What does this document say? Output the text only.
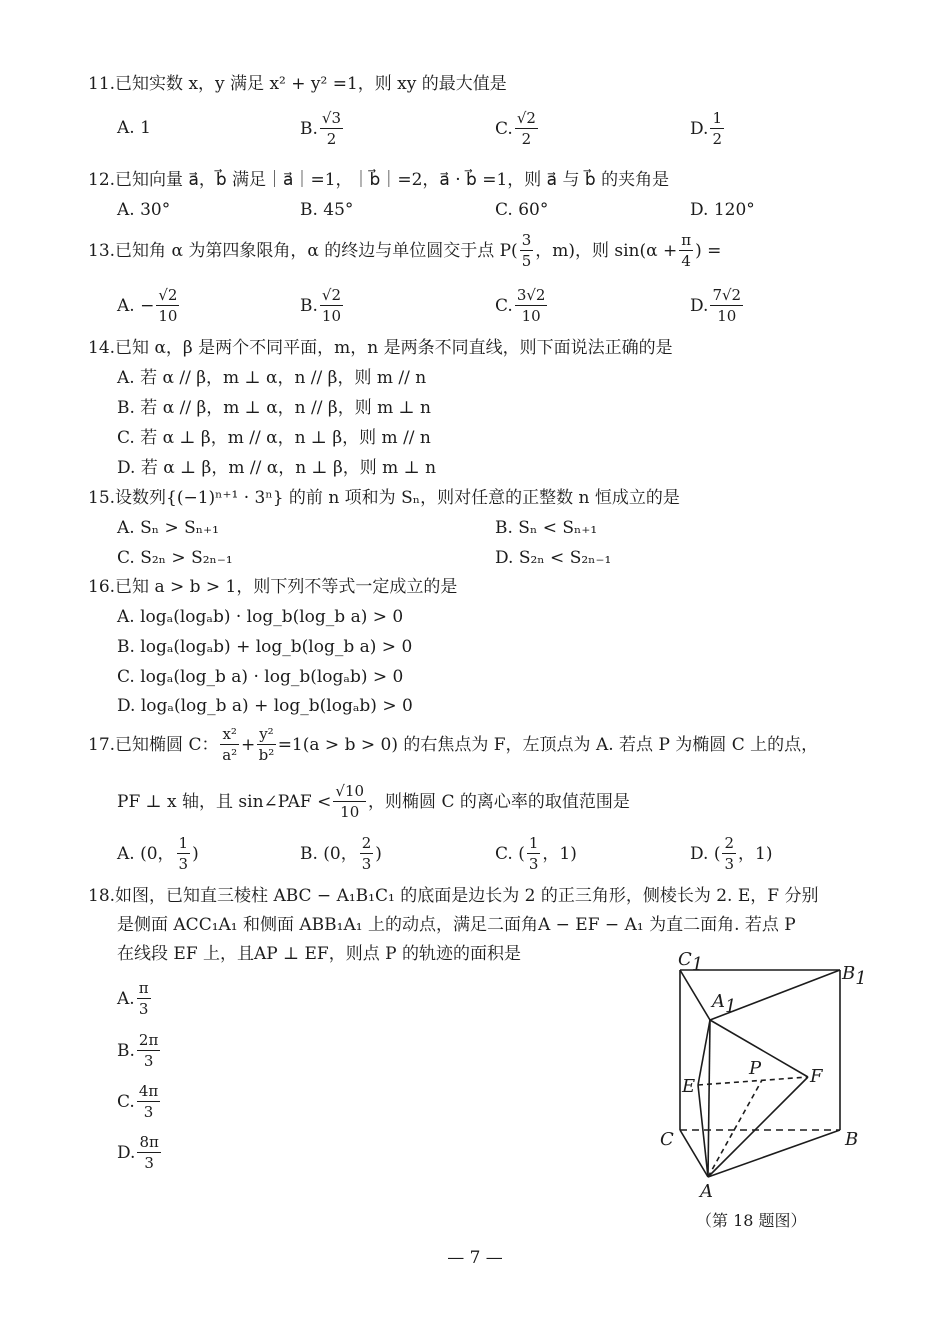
11.已知实数 x，y 满足 x² + y² =1，则 xy 的最大值是
A. 1	B. $\frac{√3}{2}$	C. $\frac{√2}{2}$	D. $\frac{1}{2}$
12.已知向量 a⃗，b⃗ 满足｜a⃗｜=1，｜b⃗｜=2，a⃗ · b⃗ =1，则 a⃗ 与 b⃗ 的夹角是
A. 30°	B. 45°	C. 60°	D. 120°
13.已知角 α 为第四象限角，α 的终边与单位圆交于点 $P( \frac{3}{5}$ ，m)，则 $\sin(\alpha + \frac{\pi}{4}$ ) =
A. − $\frac{√2}{10}$	B. $\frac{√2}{10}$	C. $\frac{3√2}{10}$	D. $\frac{7√2}{10}$
14.已知 α，β 是两个不同平面，m，n 是两条不同直线，则下面说法正确的是
A. 若 α // β，m ⊥ α，n // β，则 m // n
B. 若 α // β，m ⊥ α，n // β，则 m ⊥ n
C. 若 α ⊥ β，m // α，n ⊥ β，则 m // n
D. 若 α ⊥ β，m // α，n ⊥ β，则 m ⊥ n
15.设数列{(−1)ⁿ⁺¹ · 3ⁿ} 的前 n 项和为 Sₙ，则对任意的正整数 n 恒成立的是
A. Sₙ > Sₙ₊₁	B. Sₙ < Sₙ₊₁
C. S₂ₙ > S₂ₙ₋₁	D. S₂ₙ < S₂ₙ₋₁
16.已知 a > b > 1，则下列不等式一定成立的是
A. logₐ(logₐb) · log_b(log_b a) > 0
B. logₐ(logₐb) + log_b(log_b a) > 0
C. logₐ(log_b a) · log_b(logₐb) > 0
D. logₐ(log_b a) + log_b(logₐb) > 0
17.已知椭圆 C： $\frac{\text{x²}}{\text{a²}} + \frac{\text{y²}}{\text{b²}} =1(a > b > 0)$ 的右焦点为 F，左顶点为 A. 若点 P 为椭圆 C 上的点，
PF ⊥ x 轴，且 sin∠PAF < $\frac{√10}{10}$ ，则椭圆 C 的离心率的取值范围是
A. (0， $\frac{1}{3}$ )	B. (0， $\frac{2}{3}$ )	C. ( $\frac{1}{3}$ ，1)	D. ( $\frac{2}{3}$ ，1)
18.如图，已知直三棱柱 ABC − A₁B₁C₁ 的底面是边长为 2 的正三角形，侧棱长为 2. E，F 分别
是侧面 ACC₁A₁ 和侧面 ABB₁A₁ 上的动点，满足二面角A − EF − A₁ 为直二面角. 若点 P
在线段 EF 上，且AP ⊥ EF，则点 P 的轨迹的面积是
A. $\frac{\pi}{3}$
B. $\frac{2\pi}{3}$
C. $\frac{4\pi}{3}$
D. $\frac{8\pi}{3}$
C1	B1
A1
P	F
E
C	B
A
（第 18 题图）
— 7 —
